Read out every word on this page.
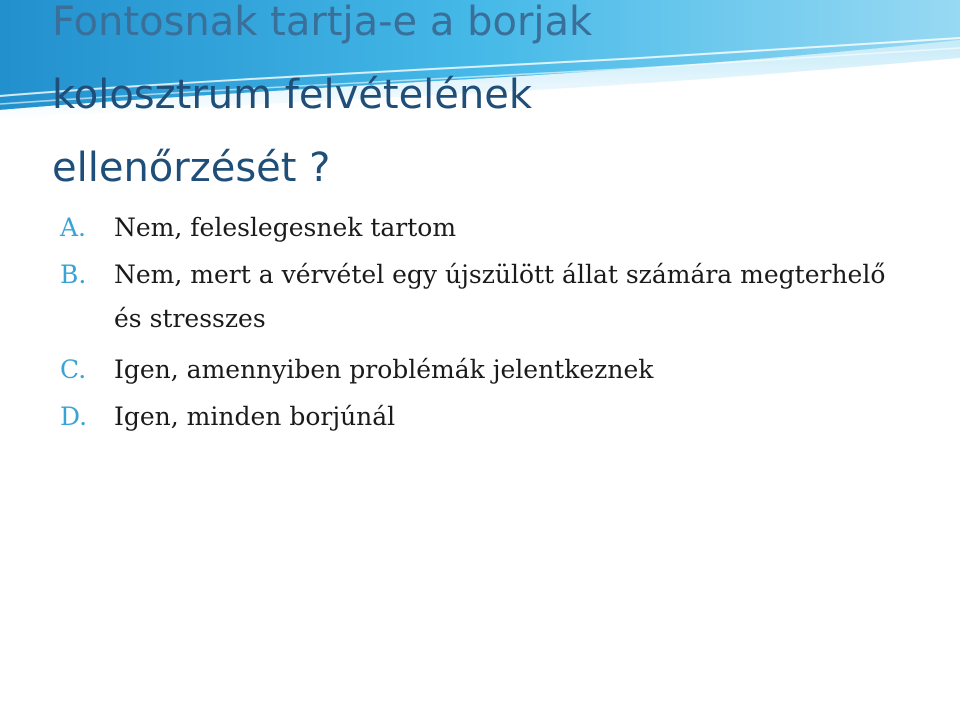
Fontosnak tartja-e a borjak
kolosztrum felvételének
ellenőrzését ?
A.	Nem, feleslegesnek tartom
B.	Nem, mert a vérvétel egy újszülött állat számára megterhelő és stresszes
C.	Igen, amennyiben problémák jelentkeznek
D.	Igen, minden borjúnál
